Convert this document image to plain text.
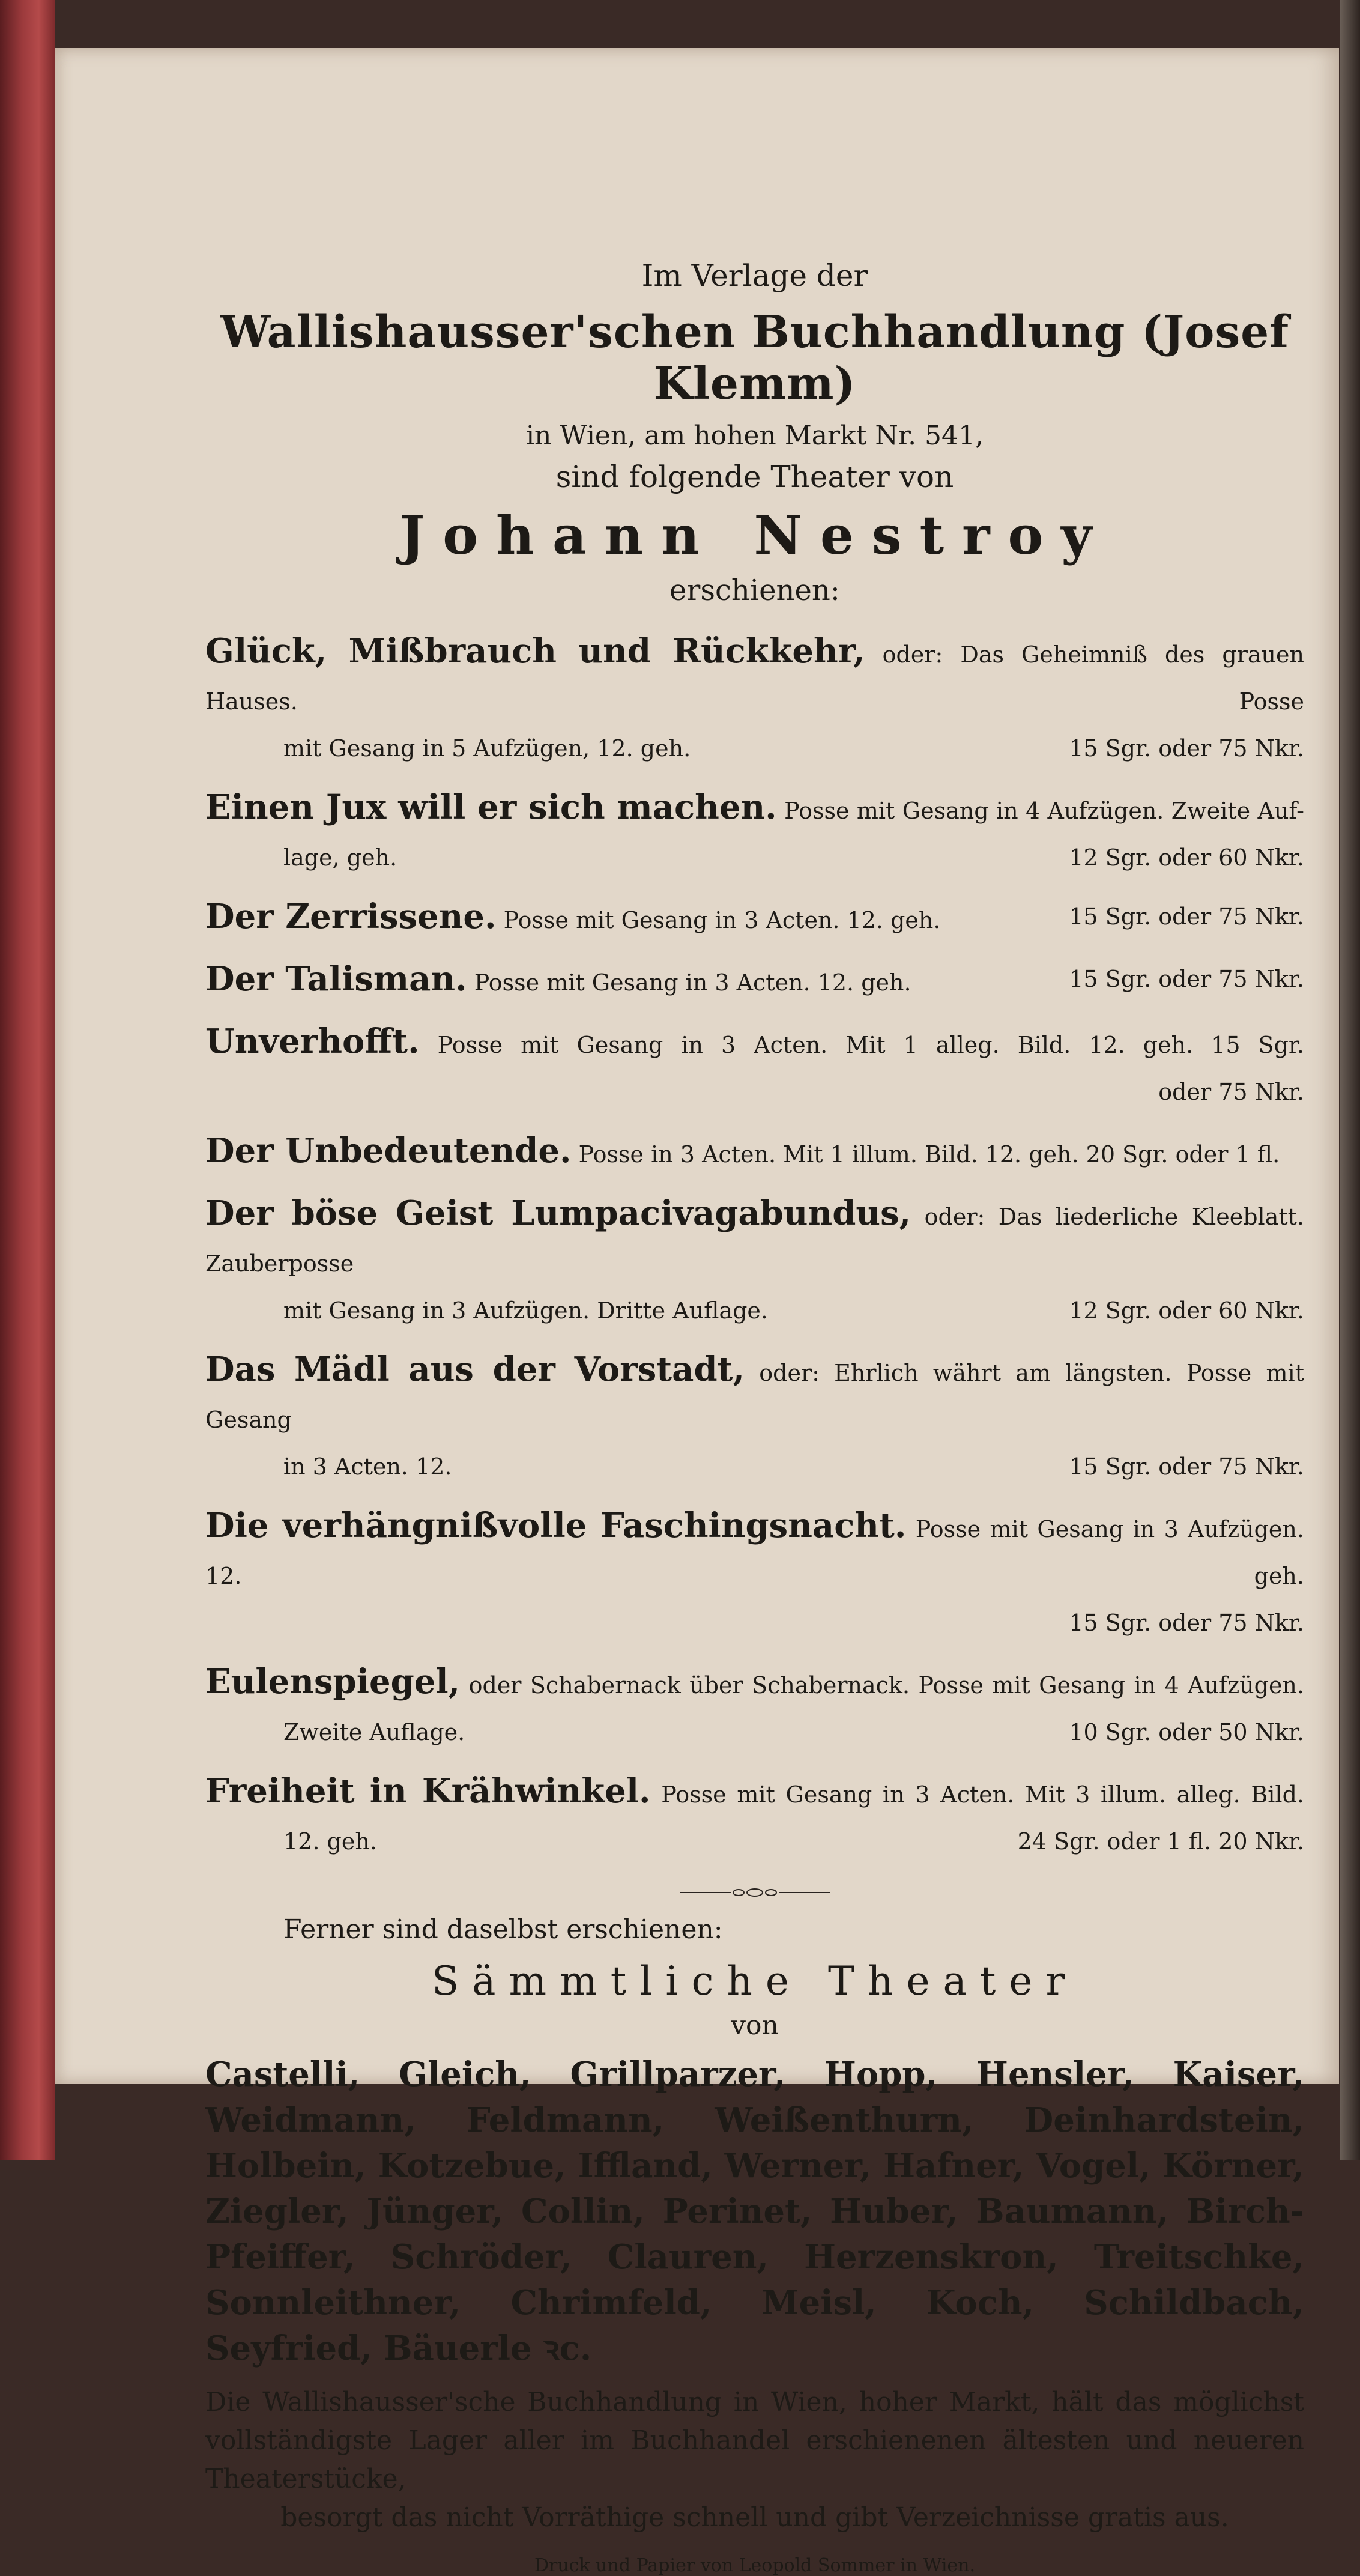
Im Verlage der
Wallishausser'schen Buchhandlung (Josef Klemm)
in Wien, am hohen Markt Nr. 541,
sind folgende Theater von
Johann Nestroy
erschienen:
Glück, Mißbrauch und Rückkehr, oder: Das Geheimniß des grauen Hauses. Posse
mit Gesang in 5 Aufzügen, 12. geh.	15 Sgr. oder 75 Nkr.
Einen Jux will er sich machen. Posse mit Gesang in 4 Aufzügen. Zweite Auf-
lage, geh.	12 Sgr. oder 60 Nkr.
Der Zerrissene. Posse mit Gesang in 3 Acten. 12. geh.	15 Sgr. oder 75 Nkr.
Der Talisman. Posse mit Gesang in 3 Acten. 12. geh.	15 Sgr. oder 75 Nkr.
Unverhofft. Posse mit Gesang in 3 Acten. Mit 1 alleg. Bild. 12. geh. 15 Sgr.
oder 75 Nkr.
Der Unbedeutende. Posse in 3 Acten. Mit 1 illum. Bild. 12. geh. 20 Sgr. oder 1 fl.
Der böse Geist Lumpacivagabundus, oder: Das liederliche Kleeblatt. Zauberposse
mit Gesang in 3 Aufzügen. Dritte Auflage.	12 Sgr. oder 60 Nkr.
Das Mädl aus der Vorstadt, oder: Ehrlich währt am längsten. Posse mit Gesang
in 3 Acten. 12.	15 Sgr. oder 75 Nkr.
Die verhängnißvolle Faschingsnacht. Posse mit Gesang in 3 Aufzügen. 12. geh.
15 Sgr. oder 75 Nkr.
Eulenspiegel, oder Schabernack über Schabernack. Posse mit Gesang in 4 Aufzügen.
Zweite Auflage.	10 Sgr. oder 50 Nkr.
Freiheit in Krähwinkel. Posse mit Gesang in 3 Acten. Mit 3 illum. alleg. Bild.
12. geh.	24 Sgr. oder 1 fl. 20 Nkr.
Ferner sind daselbst erschienen:
Sämmtliche Theater
von
Castelli, Gleich, Grillparzer, Hopp, Hensler, Kaiser, Weidmann, Feldmann, Weißenthurn, Deinhardstein, Holbein, Kotzebue, Iffland, Werner, Hafner, Vogel, Körner, Ziegler, Jünger, Collin, Perinet, Huber, Baumann, Birch-Pfeiffer, Schröder, Clauren, Herzenskron, Treitschke, Sonnleithner, Chrimfeld, Meisl, Koch, Schildbach, Seyfried, Bäuerle ꝛc.
Die Wallishausser'sche Buchhandlung in Wien, hoher Markt, hält das möglichst vollständigste Lager aller im Buchhandel erschienenen ältesten und neueren Theaterstücke,
besorgt das nicht Vorräthige schnell und gibt Verzeichnisse gratis aus.
Druck und Papier von Leopold Sommer in Wien.
